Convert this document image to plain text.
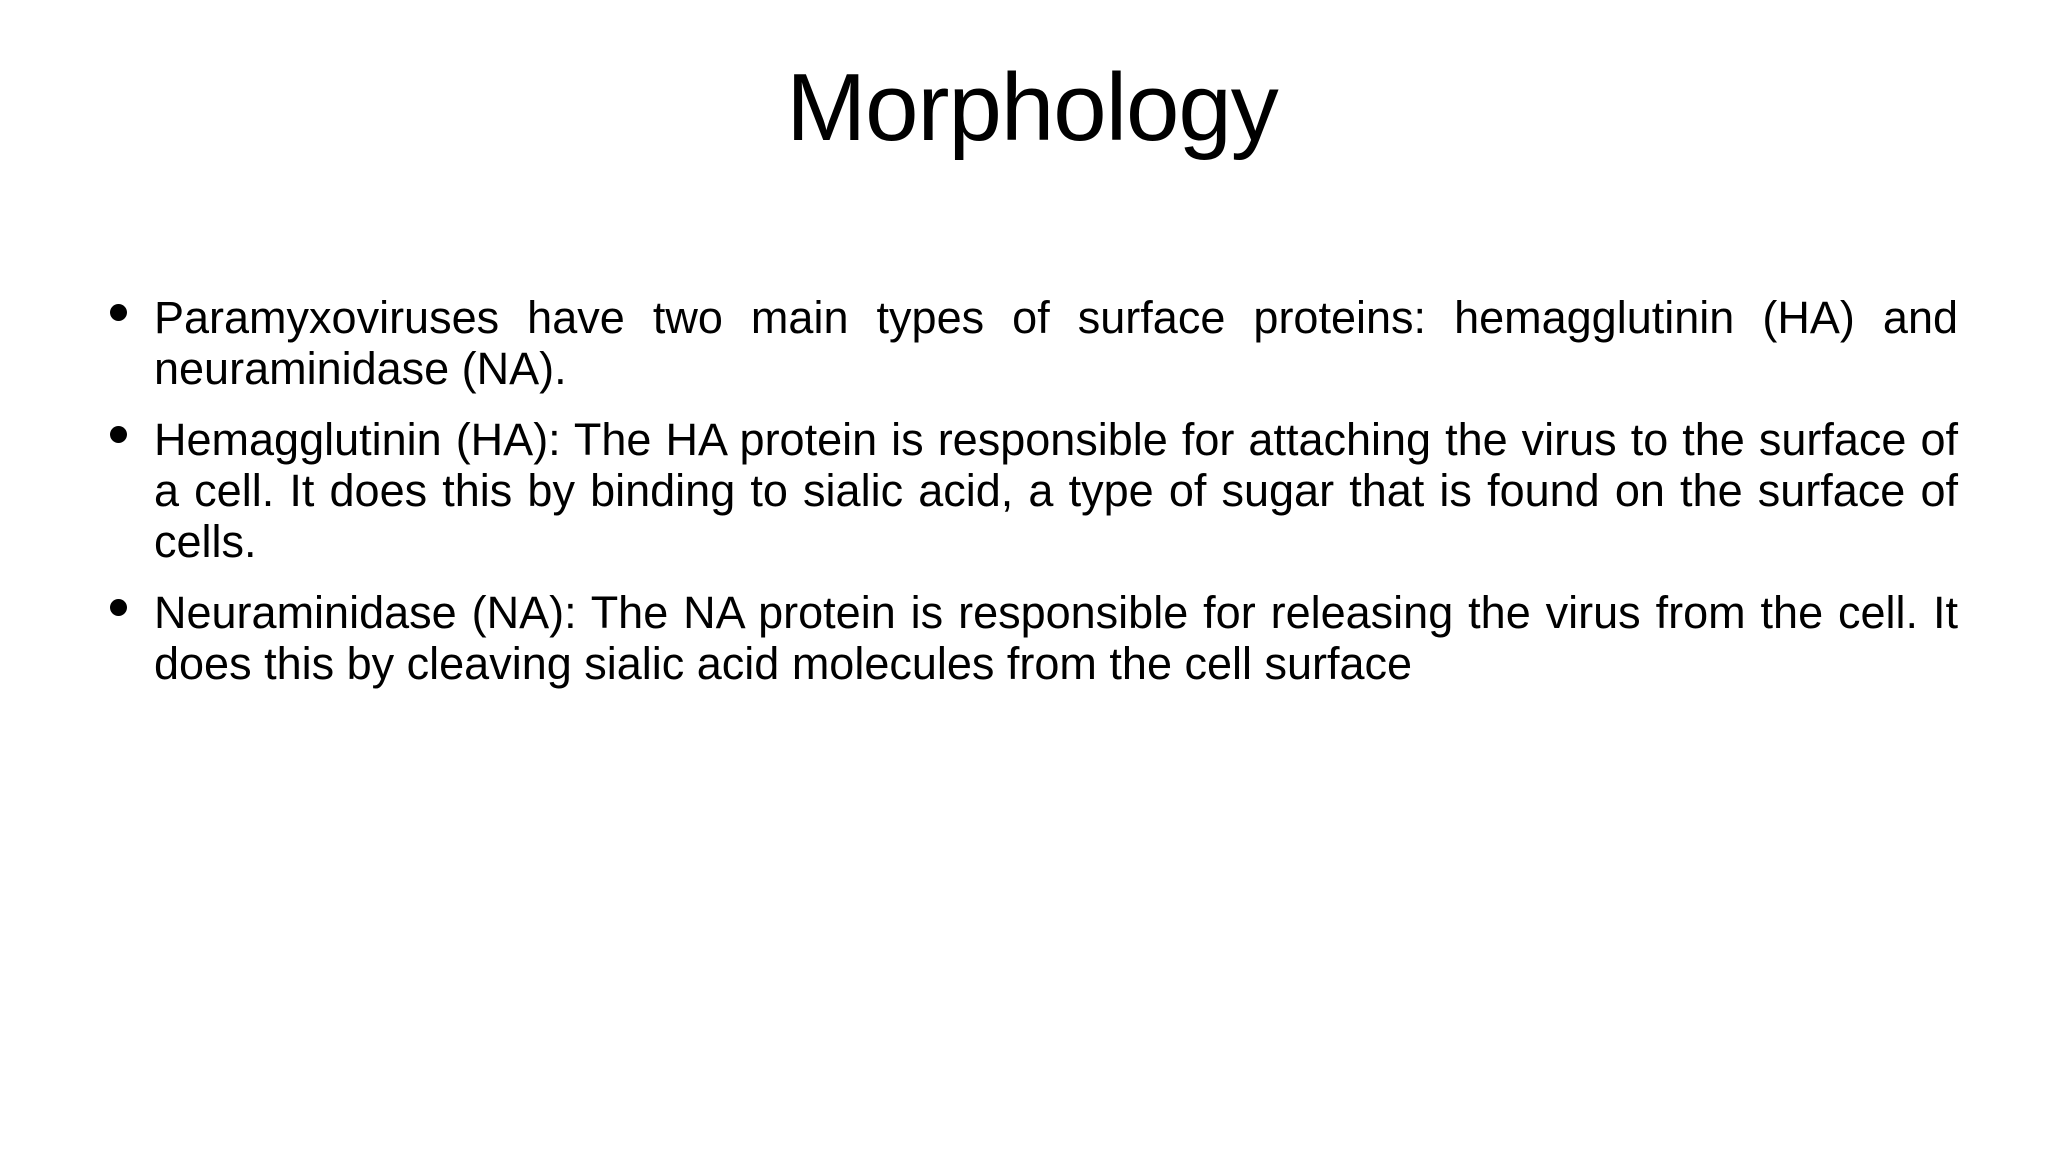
Morphology
Paramyxoviruses have two main types of surface proteins: hemagglutinin (HA) and neuraminidase (NA).
Hemagglutinin (HA): The HA protein is responsible for attaching the virus to the surface of a cell. It does this by binding to sialic acid, a type of sugar that is found on the surface of cells.
Neuraminidase (NA): The NA protein is responsible for releasing the virus from the cell. It does this by cleaving sialic acid molecules from the cell surface
